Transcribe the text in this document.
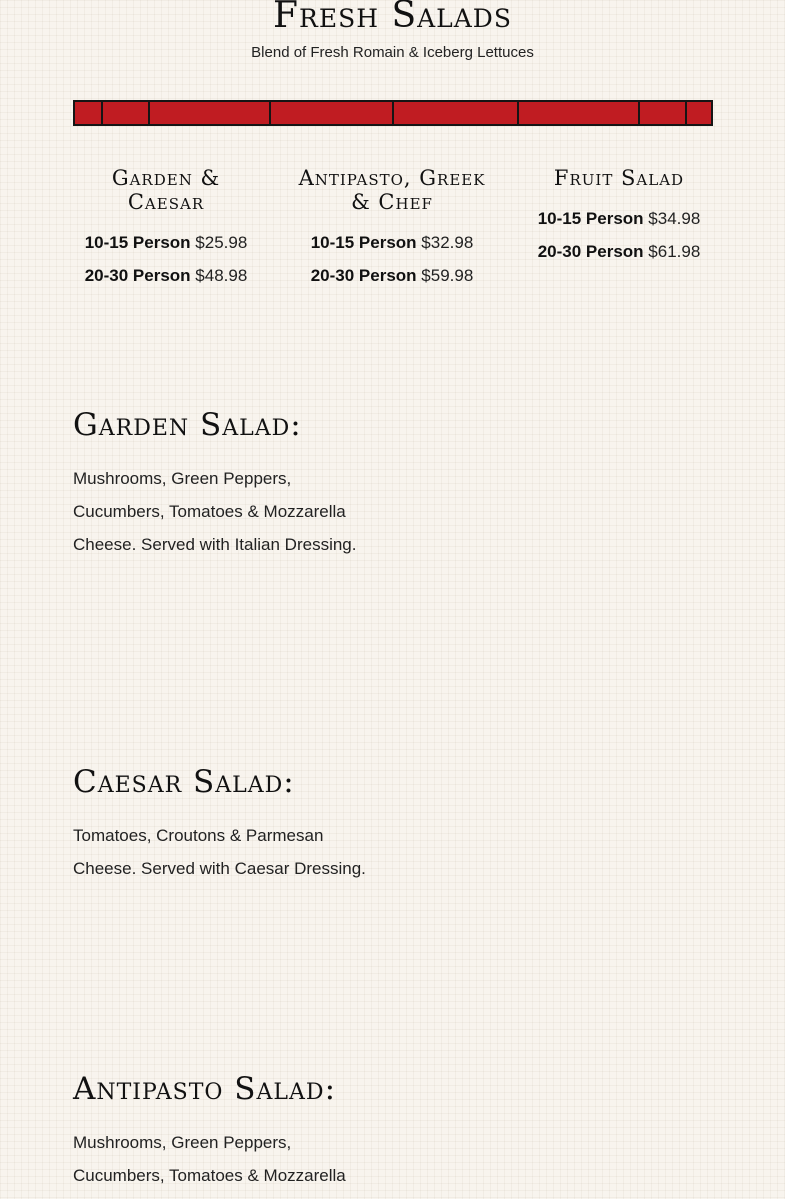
Fresh Salads
Blend of Fresh Romain & Iceberg Lettuces
Garden & Caesar
10-15 Person $25.98
20-30 Person $48.98
Antipasto, Greek & Chef
10-15 Person $32.98
20-30 Person $59.98
Fruit Salad
10-15 Person $34.98
20-30 Person $61.98
Garden Salad:

Mushrooms, Green Peppers, Cucumbers, Tomatoes & Mozzarella Cheese. Served with Italian Dressing.

Caesar Salad:

Tomatoes, Croutons & Parmesan Cheese. Served with Caesar Dressing.

Antipasto Salad:

Mushrooms, Green Peppers, Cucumbers, Tomatoes & Mozzarella
